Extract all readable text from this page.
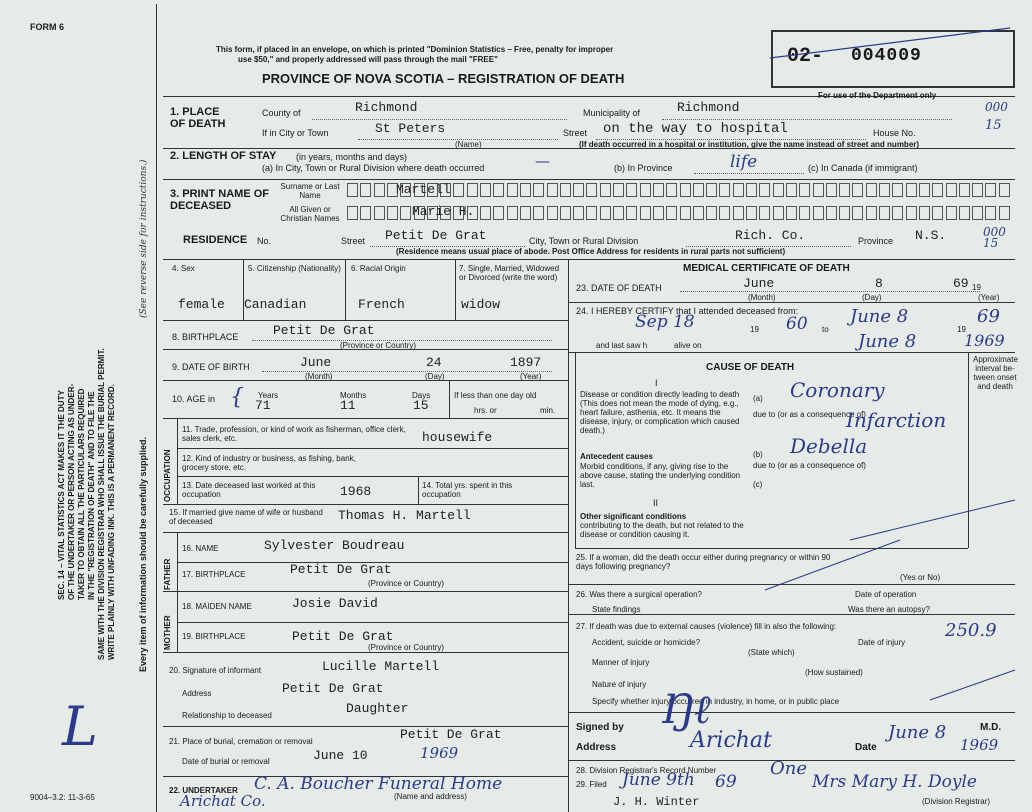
FORM 6
This form, if placed in an envelope, on which is printed "Dominion Statistics – Free, penalty for improper
use $50," and properly addressed will pass through the mail "FREE"
PROVINCE OF NOVA SCOTIA – REGISTRATION OF DEATH
02- 004009
For use of the Department only
SEC. 14 – VITAL STATISTICS ACT MAKES IT THE DUTY OF THE UNDERTAKER OR PERSON ACTING AS UNDER- TAKER TO OBTAIN ALL THE PARTICULARS REQUIRED IN THE "REGISTRATION OF DEATH" AND TO FILE THE SAME WITH THE DIVISION REGISTRAR WHO SHALL ISSUE THE BURIAL PERMIT. WRITE PLAINLY WITH UNFADING INK. THIS IS A PERMANENT RECORD. Every item of information should be carefully supplied.
(See reverse side for instructions.)
L
9004–3.2: 11-3-65
OCCUPATION
FATHER
MOTHER
1. PLACE OF DEATH
County of	Richmond	Municipality of	Richmond	000
If in City or Town	St Peters
(Name)
Street on the way to hospital	House No.	15
(If death occurred in a hospital or institution, give the name instead of street and number)
2. LENGTH OF STAY (in years, months and days)
(a) In City, Town or Rural Division where death occurred	—	(b) In Province	life	(c) In Canada (if immigrant)
3. PRINT NAME OF DECEASED
Surname or Last Name	Martell
All Given or Christian Names	Marie H.
RESIDENCE No.	Street Petit De Grat	City, Town or Rural Division	Rich. Co.	Province N.S.	000
15
(Residence means usual place of abode. Post Office Address for residents in rural parts not sufficient)
4. Sex
female
5. Citizenship (Nationality)
Canadian
6. Racial Origin
French
7. Single, Married, Widowed or Divorced (write the word)
widow
8. BIRTHPLACE	Petit De Grat
(Province or Country)
9. DATE OF BIRTH	June	24	1897
(Month)	(Day)	(Year)
10. AGE in { Years	Months	Days
71	11	15
If less than one day old
hrs. or	min.
11. Trade, profession, or kind of work as fisherman, office clerk, sales clerk, etc.	housewife
12. Kind of industry or business, as fishing, bank, grocery store, etc.
13. Date deceased last worked at this occupation	1968	14. Total yrs. spent in this occupation
15. If married give name of wife or husband of deceased	Thomas H. Martell
16. NAME	Sylvester Boudreau
17. BIRTHPLACE	Petit De Grat
(Province or Country)
18. MAIDEN NAME	Josie David
19. BIRTHPLACE	Petit De Grat
(Province or Country)
20. Signature of informant	Lucille Martell
Address	Petit De Grat
Relationship to deceased	Daughter
21. Place of burial, cremation or removal	Petit De Grat
Date of burial or removal	June 10	1969
22. UNDERTAKER C. A. Boucher Funeral Home
Arichat Co.	(Name and address)
MEDICAL CERTIFICATE OF DEATH
23. DATE OF DEATH	June	8	69 19
(Month)	(Day)	(Year)
24. I HEREBY CERTIFY that I attended deceased from:
Sep 18	19 60 to
June 8
19
69
and last saw h	alive on	June 8	1969
CAUSE OF DEATH
Approximate interval be-tween onset and death
I
Disease or condition directly leading to death (This does not mean the mode of dying, e.g., heart failure, asthenia, etc. It means the disease, injury, or complication which caused death.)
(a) Coronary
due to (or as a consequence of)
Infarction
Antecedent causes
Morbid conditions, if any, giving rise to the above cause, stating the underlying condition last.
(b) Debella
due to (or as a consequence of)
(c)
II
Other significant conditions
contributing to the death, but not related to the disease or condition causing it.
25. If a woman, did the death occur either during pregnancy or within 90 days following pregnancy?
(Yes or No)
26. Was there a surgical operation?	Date of operation
State findings	Was there an autopsy?
27. If death was due to external causes (violence) fill in also the following:	250.9
Accident, suicide or homicide?
(State which)
Date of injury
Manner of injury
(How sustained)
Nature of injury
Specify whether injury occurred in industry, in home, or in public place
Signed by Ŋℓ	M.D.
Address	Arichat	Date
June 8
1969
28. Division Registrar's Record Number
29. Filed June 9th 69
One
Mrs Mary H. Doyle
(Division Registrar)
J. H. Winter
